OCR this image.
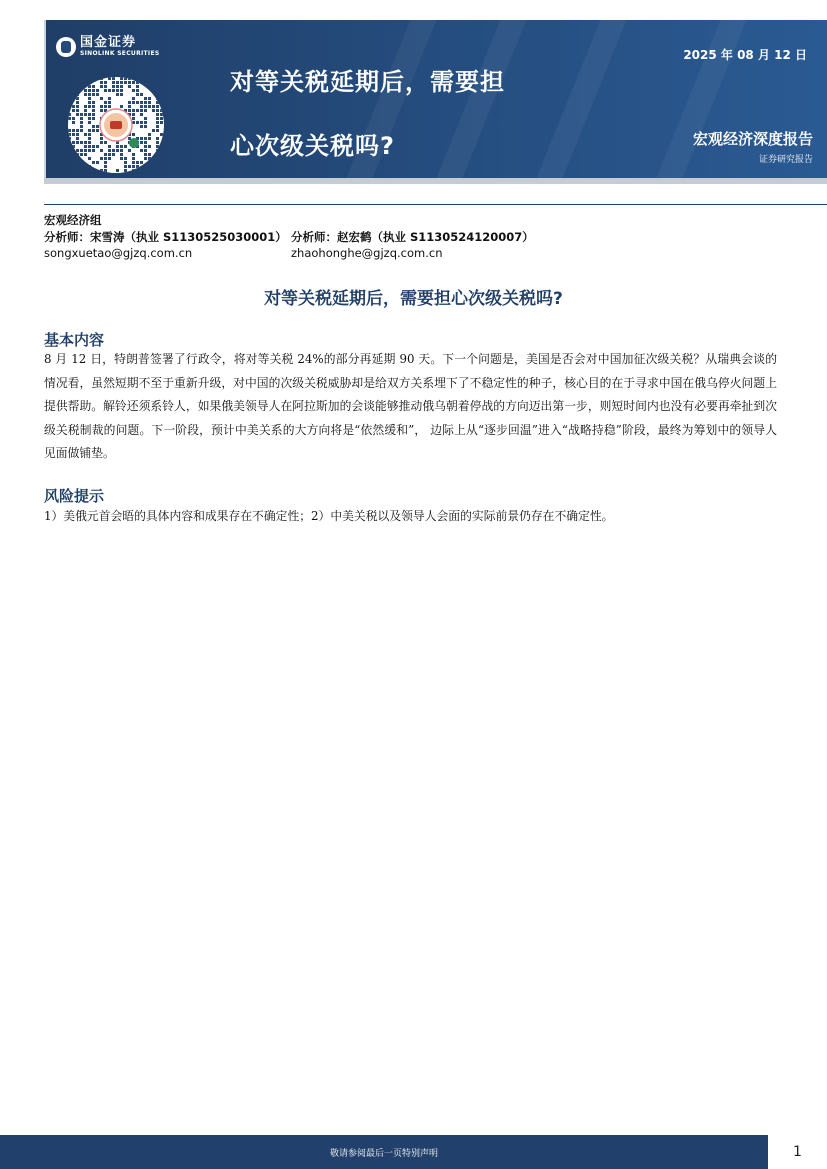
国金证券
SINOLINK SECURITIES
对等关税延期后，需要担
心次级关税吗?
2025 年 08 月 12 日
宏观经济深度报告
证券研究报告
宏观经济组
分析师：宋雪涛（执业 S1130525030001） 分析师：赵宏鹤（执业 S1130524120007）
songxuetao@gjzq.com.cn	zhaohonghe@gjzq.com.cn
对等关税延期后，需要担心次级关税吗?
基本内容
8 月 12 日，特朗普签署了行政令，将对等关税 24%的部分再延期 90 天。下一个问题是，美国是否会对中国加征次级关税？从瑞典会谈的情况看，虽然短期不至于重新升级，对中国的次级关税威胁却是给双方关系埋下了不稳定性的种子，核心目的在于寻求中国在俄乌停火问题上提供帮助。解铃还须系铃人，如果俄美领导人在阿拉斯加的会谈能够推动俄乌朝着停战的方向迈出第一步，则短时间内也没有必要再牵扯到次级关税制裁的问题。下一阶段，预计中美关系的大方向将是“依然缓和”， 边际上从“逐步回温”进入“战略持稳”阶段，最终为筹划中的领导人见面做铺垫。
风险提示
1）美俄元首会晤的具体内容和成果存在不确定性；2）中美关税以及领导人会面的实际前景仍存在不确定性。
敬请参阅最后一页特别声明	1
